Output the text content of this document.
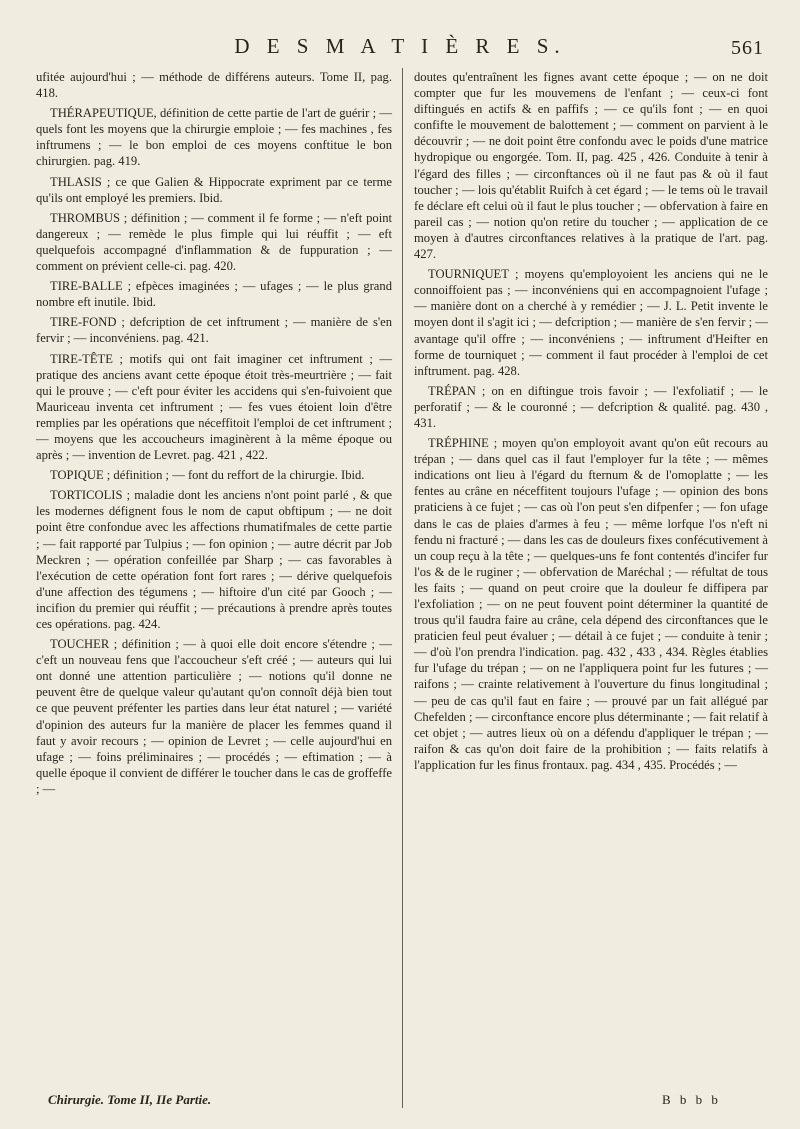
D E S M A T I È R E S.	561

ufitée aujourd'hui ; — méthode de différens auteurs. Tome II, pag. 418.

THÉRAPEUTIQUE, définition de cette partie de l'art de guérir ; — quels font les moyens que la chirurgie emploie ; — fes machines , fes inftrumens ; — le bon emploi de ces moyens conftitue le bon chirurgien. pag. 419.

THLASIS ; ce que Galien & Hippocrate expriment par ce terme qu'ils ont employé les premiers. Ibid.

THROMBUS ; définition ; — comment il fe forme ; — n'eft point dangereux ; — remède le plus fimple qui lui réuffit ; — eft quelquefois accompagné d'inflammation & de fuppuration ; — comment on prévient celle-ci. pag. 420.

TIRE-BALLE ; efpèces imaginées ; — ufages ; — le plus grand nombre eft inutile. Ibid.

TIRE-FOND ; defcription de cet inftrument ; — manière de s'en fervir ; — inconvéniens. pag. 421.

TIRE-TÊTE ; motifs qui ont fait imaginer cet inftrument ; — pratique des anciens avant cette époque étoit très-meurtrière ; — fait qui le prouve ; — c'eft pour éviter les accidens qui s'en-fuivoient que Mauriceau inventa cet inftrument ; — fes vues étoient loin d'être remplies par les opérations que néceffitoit l'emploi de cet inftrument ; — moyens que les accoucheurs imaginèrent à la même époque ou après ; — invention de Levret. pag. 421 , 422.

TOPIQUE ; définition ; — font du reffort de la chirurgie. Ibid.

TORTICOLIS ; maladie dont les anciens n'ont point parlé , & que les modernes défignent fous le nom de caput obftipum ; — ne doit point être confondue avec les affections rhumatifmales de cette partie ; — fait rapporté par Tulpius ; — fon opinion ; — autre décrit par Job Meckren ; — opération confeillée par Sharp ; — cas favorables à l'exécution de cette opération font fort rares ; — dérive quelquefois d'une affection des tégumens ; — hiftoire d'un cité par Gooch ; — incifion du premier qui réuffit ; — précautions à prendre après toutes ces opérations. pag. 424.

TOUCHER ; définition ; — à quoi elle doit encore s'étendre ; — c'eft un nouveau fens que l'accoucheur s'eft créé ; — auteurs qui lui ont donné une attention particulière ; — notions qu'il donne ne peuvent être de quelque valeur qu'autant qu'on connoît déjà bien tout ce que peuvent préfenter les parties dans leur état naturel ; — variété d'opinion des auteurs fur la manière de placer les femmes quand il faut y avoir recours ; — opinion de Levret ; — celle aujourd'hui en ufage ; — foins préliminaires ; — procédés ; — eftimation ; — à quelle époque il convient de différer le toucher dans le cas de groffeffe ; —

doutes qu'entraînent les fignes avant cette époque ; — on ne doit compter que fur les mouvemens de l'enfant ; — ceux-ci font diftingués en actifs & en paffifs ; — ce qu'ils font ; — en quoi confifte le mouvement de balottement ; — comment on parvient à le découvrir ; — ne doit point être confondu avec le poids d'une matrice hydropique ou engorgée. Tom. II, pag. 425 , 426. Conduite à tenir à l'égard des filles ; — circonftances où il ne faut pas & où il faut toucher ; — lois qu'établit Ruifch à cet égard ; — le tems où le travail fe déclare eft celui où il faut le plus toucher ; — obfervation à faire en pareil cas ; — notion qu'on retire du toucher ; — application de ce moyen à d'autres circonftances relatives à la pratique de l'art. pag. 427.

TOURNIQUET ; moyens qu'employoient les anciens qui ne le connoiffoient pas ; — inconvéniens qui en accompagnoient l'ufage ; — manière dont on a cherché à y remédier ; — J. L. Petit invente le moyen dont il s'agit ici ; — defcription ; — manière de s'en fervir ; — avantage qu'il offre ; — inconvéniens ; — inftrument d'Heifter en forme de tourniquet ; — comment il faut procéder à l'emploi de cet inftrument. pag. 428.

TRÉPAN ; on en diftingue trois favoir ; — l'exfoliatif ; — le perforatif ; — & le couronné ; — defcription & qualité. pag. 430 , 431.

TRÉPHINE ; moyen qu'on employoit avant qu'on eût recours au trépan ; — dans quel cas il faut l'employer fur la tête ; — mêmes indications ont lieu à l'égard du fternum & de l'omoplatte ; — les fentes au crâne en néceffitent toujours l'ufage ; — opinion des bons praticiens à ce fujet ; — cas où l'on peut s'en difpenfer ; — fon ufage dans le cas de plaies d'armes à feu ; — même lorfque l'os n'eft ni fendu ni fracturé ; — dans les cas de douleurs fixes confécutivement à un coup reçu à la tête ; — quelques-uns fe font contentés d'incifer fur l'os & de le ruginer ; — obfervation de Maréchal ; — réfultat de tous les faits ; — quand on peut croire que la douleur fe diffipera par l'exfoliation ; — on ne peut fouvent point déterminer la quantité de trous qu'il faudra faire au crâne, cela dépend des circonftances que le praticien feul peut évaluer ; — détail à ce fujet ; — conduite à tenir ; — d'où l'on prendra l'indication. pag. 432 , 433 , 434. Règles établies fur l'ufage du trépan ; — on ne l'appliquera point fur les futures ; — raifons ; — crainte relativement à l'ouverture du finus longitudinal ; — peu de cas qu'il faut en faire ; — prouvé par un fait allégué par Chefelden ; — circonftance encore plus déterminante ; — fait relatif à cet objet ; — autres lieux où on a défendu d'appliquer le trépan ; — raifon & cas qu'on doit faire de la prohibition ; — faits relatifs à l'application fur les finus frontaux. pag. 434 , 435. Procédés ; —

Chirurgie. Tome II, IIe Partie.	B b b b
